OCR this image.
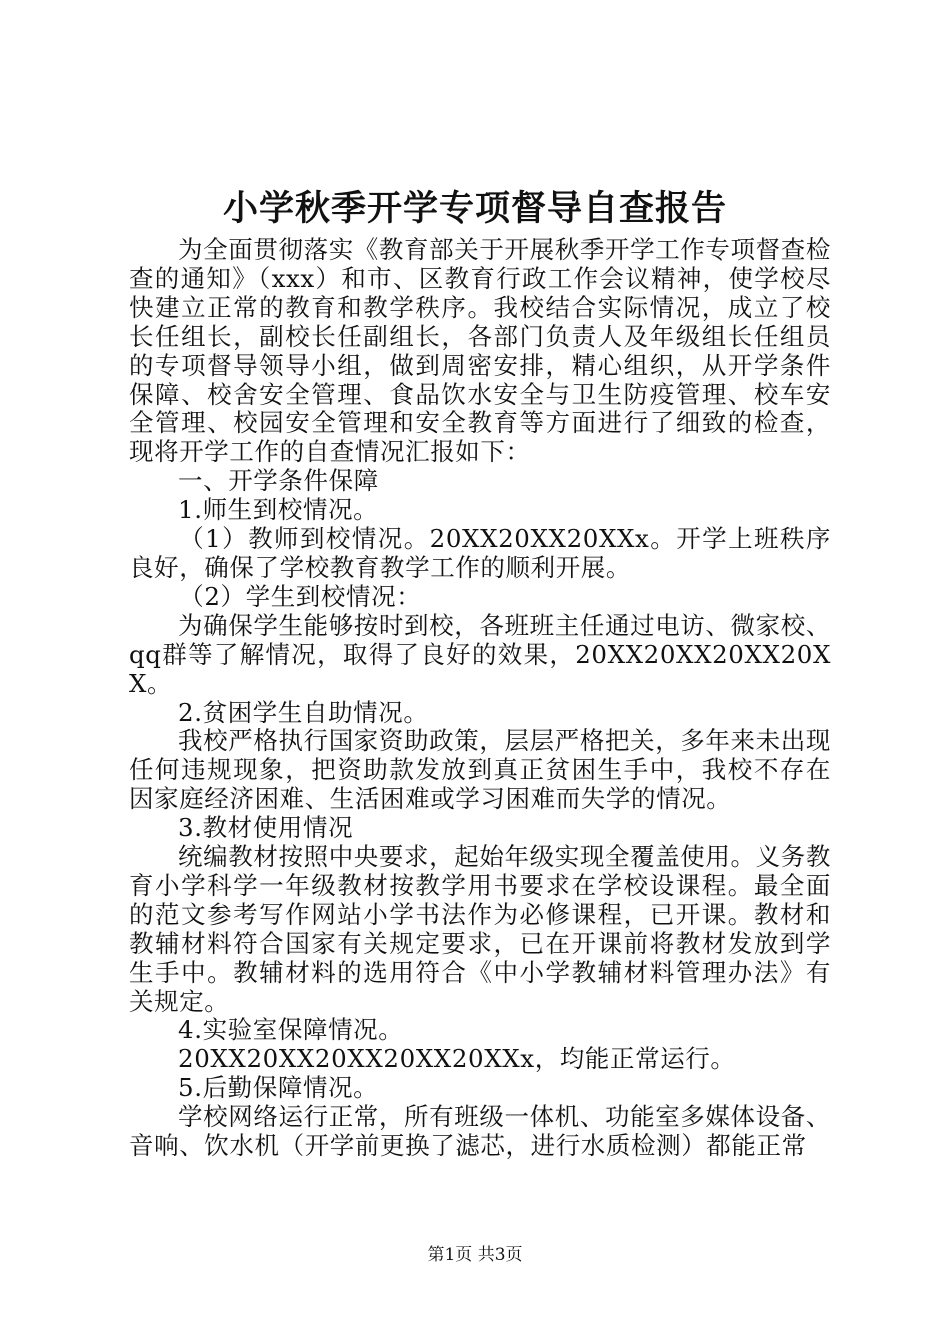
小学秋季开学专项督导自查报告

为全面贯彻落实《教育部关于开展秋季开学工作专项督查检查的通知》（xxx）和市、区教育行政工作会议精神，使学校尽快建立正常的教育和教学秩序。我校结合实际情况，成立了校长任组长，副校长任副组长，各部门负责人及年级组长任组员的专项督导领导小组，做到周密安排，精心组织，从开学条件保障、校舍安全管理、食品饮水安全与卫生防疫管理、校车安全管理、校园安全管理和安全教育等方面进行了细致的检查，现将开学工作的自查情况汇报如下：

一、开学条件保障

1.师生到校情况。

（1）教师到校情况。20XX20XX20XXx。开学上班秩序良好，确保了学校教育教学工作的顺利开展。

（2）学生到校情况：

为确保学生能够按时到校，各班班主任通过电访、微家校、qq群等了解情况，取得了良好的效果，20XX20XX20XX20XX。

2.贫困学生自助情况。

我校严格执行国家资助政策，层层严格把关，多年来未出现任何违规现象，把资助款发放到真正贫困生手中，我校不存在因家庭经济困难、生活困难或学习困难而失学的情况。

3.教材使用情况

统编教材按照中央要求，起始年级实现全覆盖使用。义务教育小学科学一年级教材按教学用书要求在学校设课程。最全面的范文参考写作网站小学书法作为必修课程，已开课。教材和教辅材料符合国家有关规定要求，已在开课前将教材发放到学生手中。教辅材料的选用符合《中小学教辅材料管理办法》有关规定。

4.实验室保障情况。

20XX20XX20XX20XX20XXx，均能正常运行。

5.后勤保障情况。

学校网络运行正常，所有班级一体机、功能室多媒体设备、音响、饮水机（开学前更换了滤芯，进行水质检测）都能正常

第1页 共3页
